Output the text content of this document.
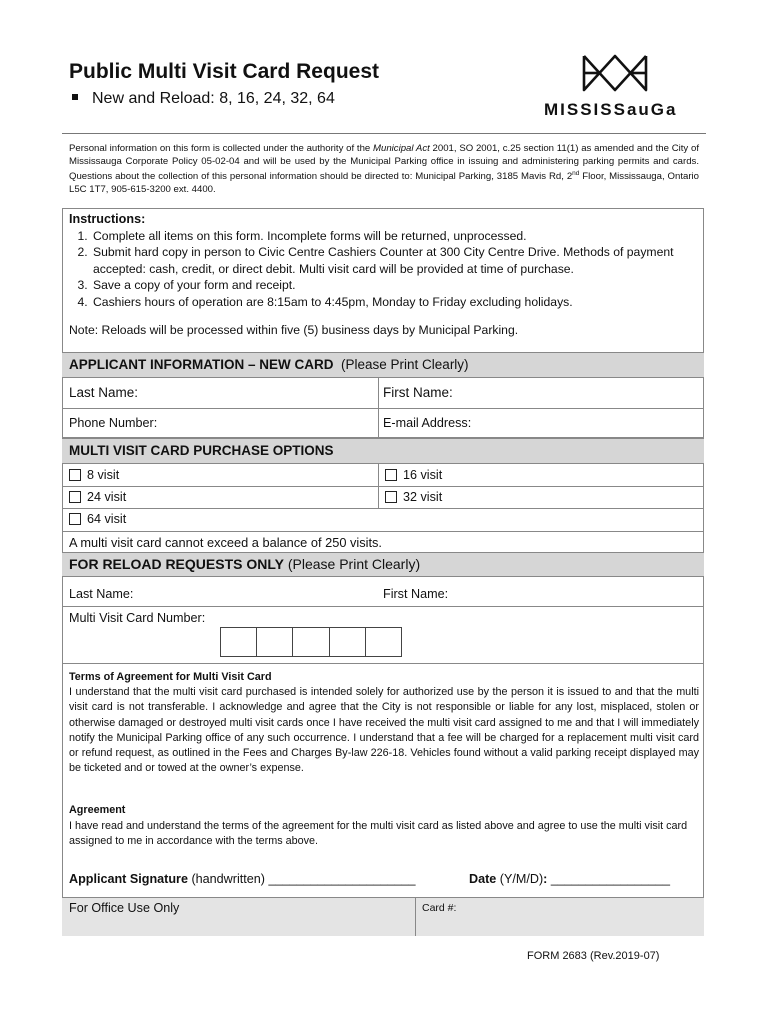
Public Multi Visit Card Request
New and Reload: 8, 16, 24, 32, 64
MISSISSauGa
Personal information on this form is collected under the authority of the Municipal Act 2001, SO 2001, c.25 section 11(1) as amended and the City of Mississauga Corporate Policy 05-02-04 and will be used by the Municipal Parking office in issuing and administering parking permits and cards. Questions about the collection of this personal information should be directed to: Municipal Parking, 3185 Mavis Rd, 2nd Floor, Mississauga, Ontario L5C 1T7, 905-615-3200 ext. 4400.
Instructions:
1. Complete all items on this form. Incomplete forms will be returned, unprocessed.
2. Submit hard copy in person to Civic Centre Cashiers Counter at 300 City Centre Drive. Methods of payment accepted: cash, credit, or direct debit. Multi visit card will be provided at time of purchase.
3. Save a copy of your form and receipt.
4. Cashiers hours of operation are 8:15am to 4:45pm, Monday to Friday excluding holidays.
Note: Reloads will be processed within five (5) business days by Municipal Parking.
APPLICANT INFORMATION – NEW CARD (Please Print Clearly)
Last Name:	First Name:
Phone Number:	E-mail Address:
MULTI VISIT CARD PURCHASE OPTIONS
8 visit	16 visit
24 visit	32 visit
64 visit
A multi visit card cannot exceed a balance of 250 visits.
FOR RELOAD REQUESTS ONLY (Please Print Clearly)
Last Name:	First Name:
Multi Visit Card Number:
Terms of Agreement for Multi Visit Card
I understand that the multi visit card purchased is intended solely for authorized use by the person it is issued to and that the multi visit card is not transferable. I acknowledge and agree that the City is not responsible or liable for any lost, misplaced, stolen or otherwise damaged or destroyed multi visit cards once I have received the multi visit card assigned to me and that I will immediately notify the Municipal Parking office of any such occurrence. I understand that a fee will be charged for a replacement multi visit card or refund request, as outlined in the Fees and Charges By-law 226-18. Vehicles found without a valid parking receipt displayed may be ticketed and or towed at the owner’s expense.
Agreement
I have read and understand the terms of the agreement for the multi visit card as listed above and agree to use the multi visit card assigned to me in accordance with the terms above.
Applicant Signature (handwritten) _____________________	Date (Y/M/D): _________________
For Office Use Only	Card #:
FORM 2683 (Rev.2019-07)
